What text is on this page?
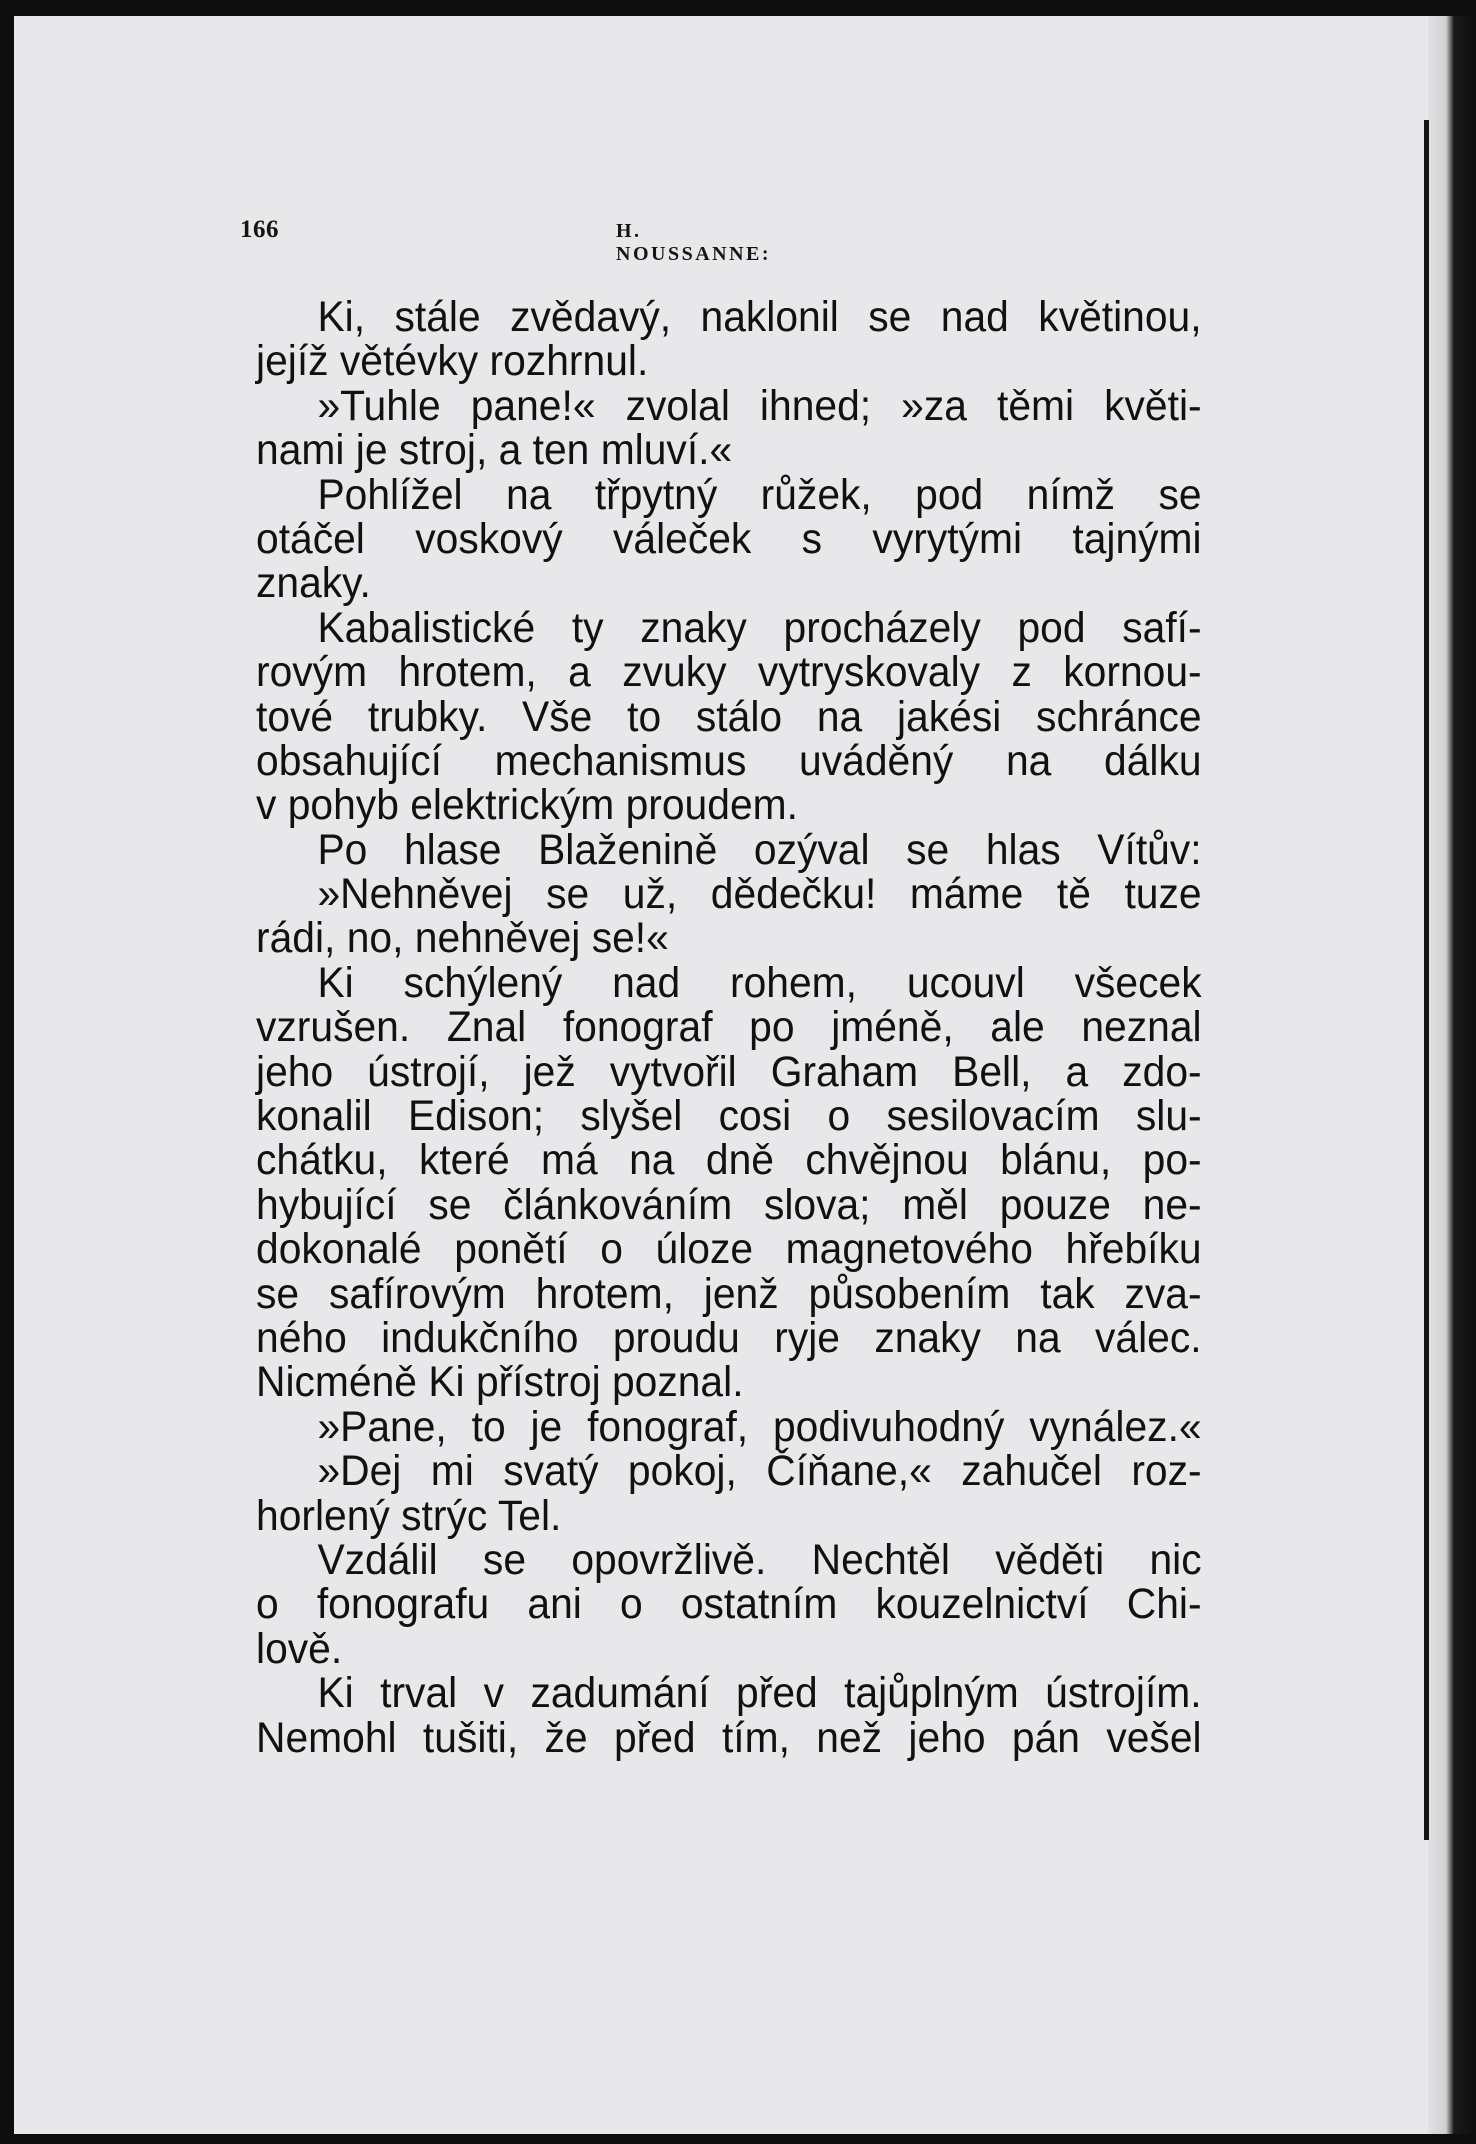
166	H. NOUSSANNE:
Ki, stále zvědavý, naklonil se nad květinou,
jejíž větévky rozhrnul.
»Tuhle pane!« zvolal ihned; »za těmi květi-
nami je stroj, a ten mluví.«
Pohlížel na třpytný růžek, pod nímž se
otáčel voskový váleček s vyrytými tajnými
znaky.
Kabalistické ty znaky procházely pod safí-
rovým hrotem, a zvuky vytryskovaly z kornou-
tové trubky. Vše to stálo na jakési schránce
obsahující mechanismus uváděný na dálku
v pohyb elektrickým proudem.
Po hlase Blaženině ozýval se hlas Vítův:
»Nehněvej se už, dědečku! máme tě tuze
rádi, no, nehněvej se!«
Ki schýlený nad rohem, ucouvl všecek
vzrušen. Znal fonograf po jméně, ale neznal
jeho ústrojí, jež vytvořil Graham Bell, a zdo-
konalil Edison; slyšel cosi o sesilovacím slu-
chátku, které má na dně chvějnou blánu, po-
hybující se článkováním slova; měl pouze ne-
dokonalé ponětí o úloze magnetového hřebíku
se safírovým hrotem, jenž působením tak zva-
ného indukčního proudu ryje znaky na válec.
Nicméně Ki přístroj poznal.
»Pane, to je fonograf, podivuhodný vynález.«
»Dej mi svatý pokoj, Číňane,« zahučel roz-
horlený strýc Tel.
Vzdálil se opovržlivě. Nechtěl věděti nic
o fonografu ani o ostatním kouzelnictví Chi-
lově.
Ki trval v zadumání před tajůplným ústrojím.
Nemohl tušiti, že před tím, než jeho pán vešel
